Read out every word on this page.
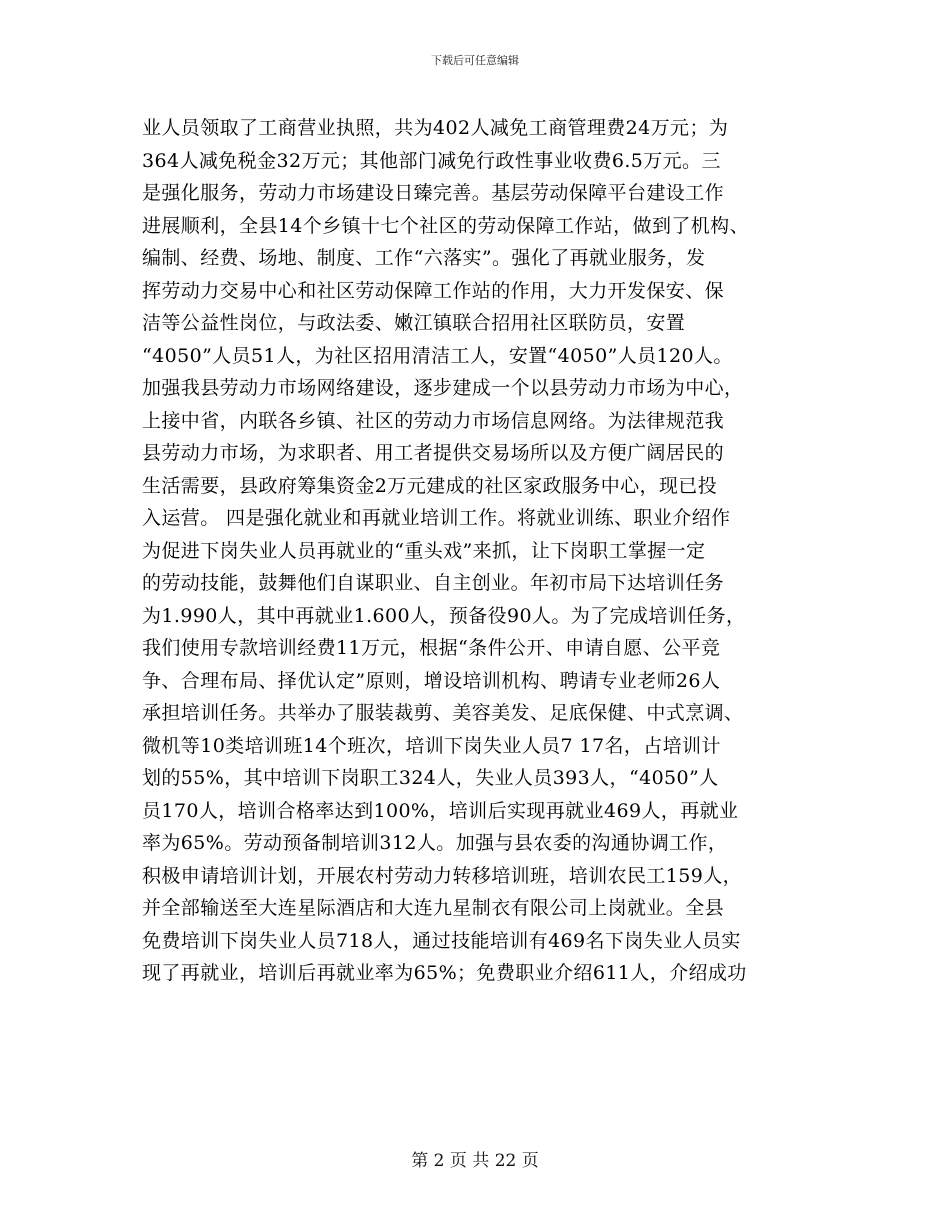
下载后可任意编辑
业人员领取了工商营业执照，共为402人减免工商管理费24万元；为
364人减免税金32万元；其他部门减免行政性事业收费6.5万元。三
是强化服务，劳动力市场建设日臻完善。基层劳动保障平台建设工作
进展顺利，全县14个乡镇十七个社区的劳动保障工作站，做到了机构、
编制、经费、场地、制度、工作“六落实”。强化了再就业服务，发
挥劳动力交易中心和社区劳动保障工作站的作用，大力开发保安、保
洁等公益性岗位，与政法委、嫩江镇联合招用社区联防员，安置
“4050”人员51人，为社区招用清洁工人，安置“4050”人员120人。
加强我县劳动力市场网络建设，逐步建成一个以县劳动力市场为中心，
上接中省，内联各乡镇、社区的劳动力市场信息网络。为法律规范我
县劳动力市场，为求职者、用工者提供交易场所以及方便广阔居民的
生活需要，县政府筹集资金2万元建成的社区家政服务中心，现已投
入运营。 四是强化就业和再就业培训工作。将就业训练、职业介绍作
为促进下岗失业人员再就业的“重头戏”来抓，让下岗职工掌握一定
的劳动技能，鼓舞他们自谋职业、自主创业。年初市局下达培训任务
为1.990人，其中再就业1.600人，预备役90人。为了完成培训任务，
我们使用专款培训经费11万元，根据“条件公开、申请自愿、公平竞
争、合理布局、择优认定”原则，增设培训机构、聘请专业老师26人
承担培训任务。共举办了服装裁剪、美容美发、足底保健、中式烹调、
微机等10类培训班14个班次，培训下岗失业人员7 17名，占培训计
划的55%，其中培训下岗职工324人，失业人员393人，“4050”人
员170人，培训合格率达到100%，培训后实现再就业469人，再就业
率为65%。劳动预备制培训312人。加强与县农委的沟通协调工作，
积极申请培训计划，开展农村劳动力转移培训班，培训农民工159人，
并全部输送至大连星际酒店和大连九星制衣有限公司上岗就业。全县
免费培训下岗失业人员718人，通过技能培训有469名下岗失业人员实
现了再就业，培训后再就业率为65%；免费职业介绍611人，介绍成功
第 2 页 共 22 页
